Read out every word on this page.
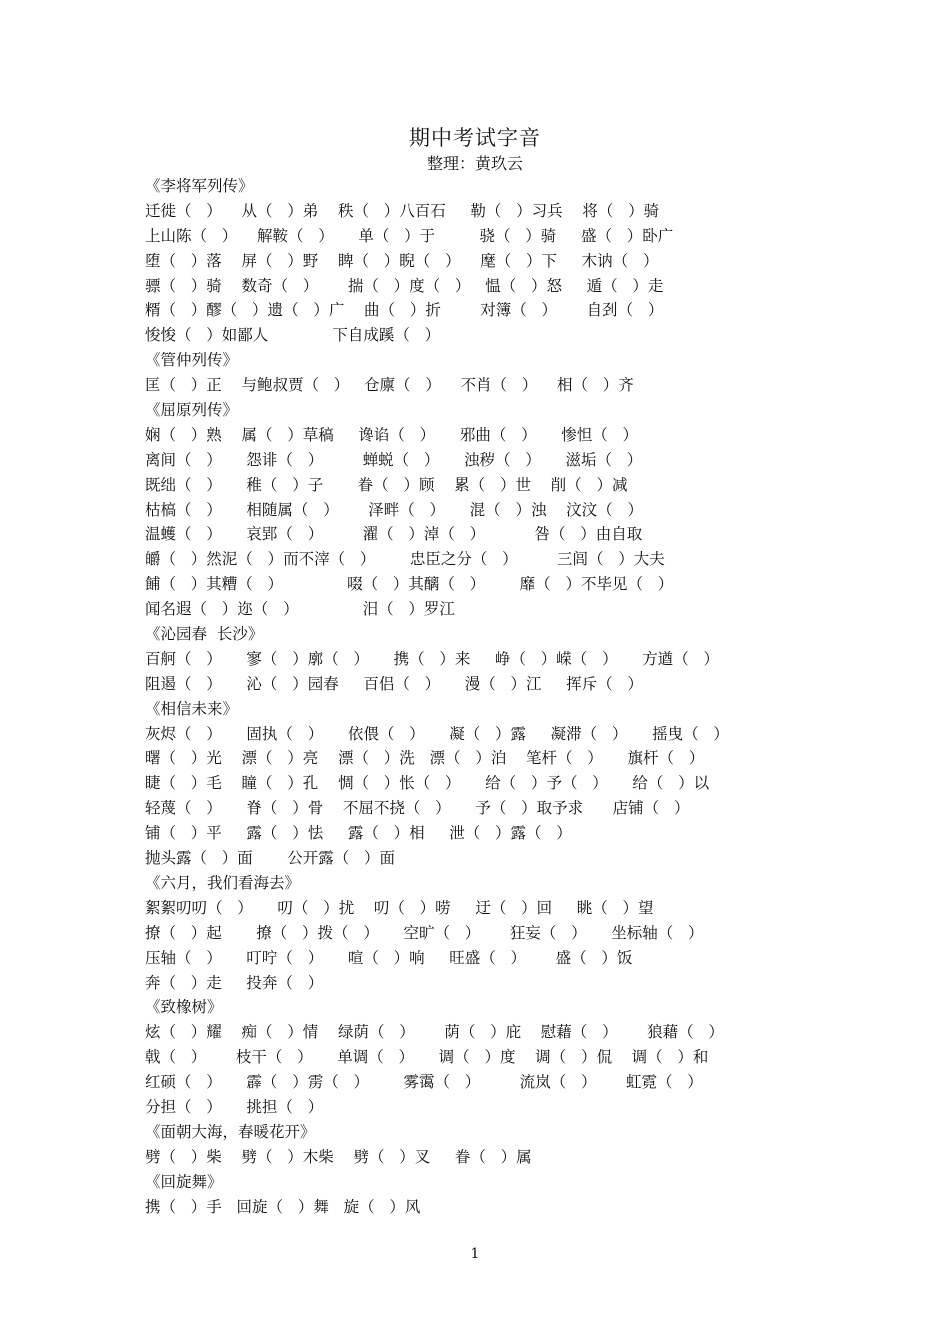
期中考试字音
整理：黄玖云
《李将军列传》
迁徙（   ）    从（   ）弟    秩（   ）八百石     勒（   ）习兵    将（   ）骑
上山陈（   ）    解鞍（   ）     单（   ）于         骁（   ）骑     盛（   ）卧广
堕（   ）落    屏（   ）野    睥（   ）睨（   ）    麾（   ）下     木讷（   ）
骠（   ）骑    数奇（   ）      揣（   ）度（   ）   愠（   ）怒     遁（   ）走
糈（   ）醪（   ）遗（   ）广    曲（   ）折        对簿（   ）      自刭（   ）
悛悛（   ）如鄙人             下自成蹊（   ）
《管仲列传》
匡（   ）正    与鲍叔贾（   ）   仓廪（   ）    不肖（   ）    相（   ）齐
《屈原列传》
娴（   ）熟    属（   ）草稿     谗谄（   ）     邪曲（   ）     惨怛（   ）
离间（   ）     怨诽（   ）        蝉蜕（   ）     浊秽（   ）     滋垢（   ）
既绌（   ）     稚（   ）子       眷（   ）顾    累（   ）世    削（   ）减
枯槁（   ）     相随属（   ）      泽畔（   ）     混（   ）浊    汶汶（   ）
温蠖（   ）     哀郢（   ）        濯（   ）淖（   ）          咎（   ）由自取
皭（   ）然泥（   ）而不滓（   ）       忠臣之分（   ）        三闾（   ）大夫
餔（   ）其糟（   ）             啜（   ）其醨（   ）       靡（   ）不毕见（   ）
闻名遐（   ）迩（   ）             汨（   ）罗江
《沁园春  长沙》
百舸（   ）     寥（   ）廓（   ）     携（   ）来     峥（   ）嵘（   ）     方遒（   ）
阻遏（   ）     沁（   ）园春     百侣（   ）     漫（   ）江     挥斥（   ）
《相信未来》
灰烬（   ）     固执（   ）     依偎（   ）     凝（   ）露     凝滞（   ）     摇曳（   ）
曙（   ）光    漂（   ）亮    漂（   ）洗   漂（   ）泊    笔杆（   ）     旗杆（   ）
睫（   ）毛    瞳（   ）孔    惆（   ）怅（   ）     给（   ）予（   ）     给（   ）以
轻蔑（   ）     脊（   ）骨    不屈不挠（   ）     予（   ）取予求      店铺（   ）
铺（   ）平     露（   ）怯     露（   ）相     泄（   ）露（   ）
抛头露（   ）面       公开露（   ）面
《六月，我们看海去》
絮絮叨叨（   ）     叨（   ）扰    叨（   ）唠     迂（   ）回     眺（   ）望
撩（   ）起       撩（   ）拨（   ）     空旷（   ）      狂妄（   ）     坐标轴（   ）
压轴（   ）     叮咛（   ）     喧（   ）响     旺盛（   ）      盛（   ）饭
奔（   ）走     投奔（   ）
《致橡树》
炫（   ）耀    痴（   ）情    绿荫（   ）      荫（   ）庇    慰藉（   ）      狼藉（   ）
戟（   ）      枝干（   ）     单调（   ）     调（   ）度    调（   ）侃    调（   ）和
红硕（   ）     霹（   ）雳（   ）       雾霭（   ）        流岚（   ）      虹霓（   ）
分担（   ）     挑担（   ）
《面朝大海，春暖花开》
劈（   ）柴    劈（   ）木柴    劈（   ）叉     眷（   ）属
《回旋舞》
携（   ）手   回旋（   ）舞   旋（   ）风
1
